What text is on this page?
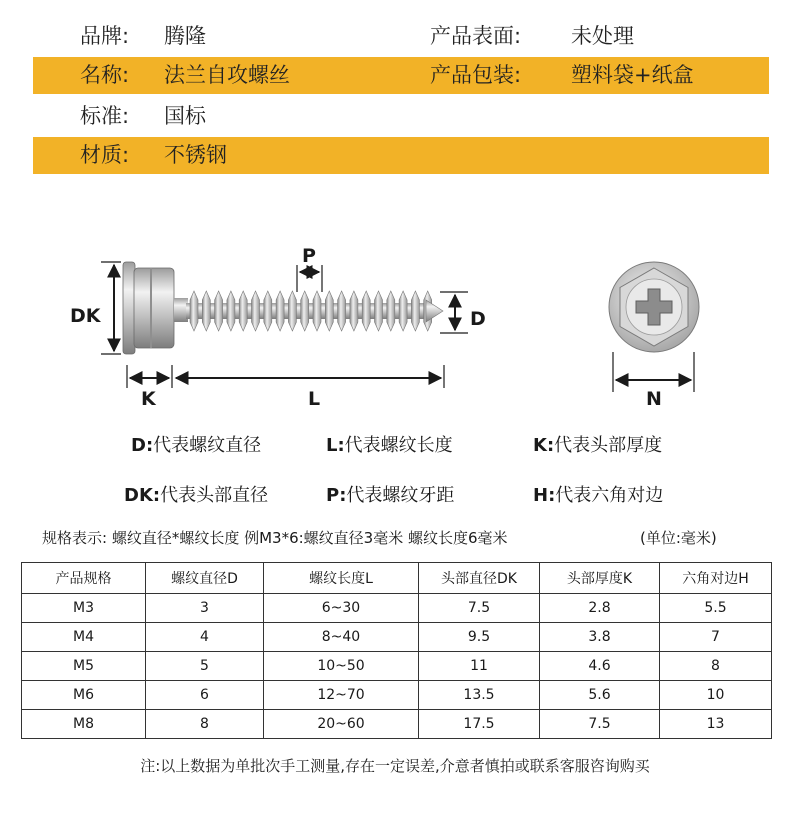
品牌: 腾隆	产品表面: 未处理
名称: 法兰自攻螺丝	产品包装: 塑料袋+纸盒
标准: 国标
材质: 不锈钢
DK	D
P
K	L	N
D:代表螺纹直径	L:代表螺纹长度	K:代表头部厚度
DK:代表头部直径	P:代表螺纹牙距	H:代表六角对边
规格表示: 螺纹直径*螺纹长度 例M3*6:螺纹直径3毫米 螺纹长度6毫米	(单位:毫米)
产品规格	螺纹直径D	螺纹长度L	头部直径DK	头部厚度K	六角对边H
M3	3	6~30	7.5	2.8	5.5
M4	4	8~40	9.5	3.8	7
M5	5	10~50	11	4.6	8
M6	6	12~70	13.5	5.6	10
M8	8	20~60	17.5	7.5	13
注:以上数据为单批次手工测量,存在一定误差,介意者慎拍或联系客服咨询购买
